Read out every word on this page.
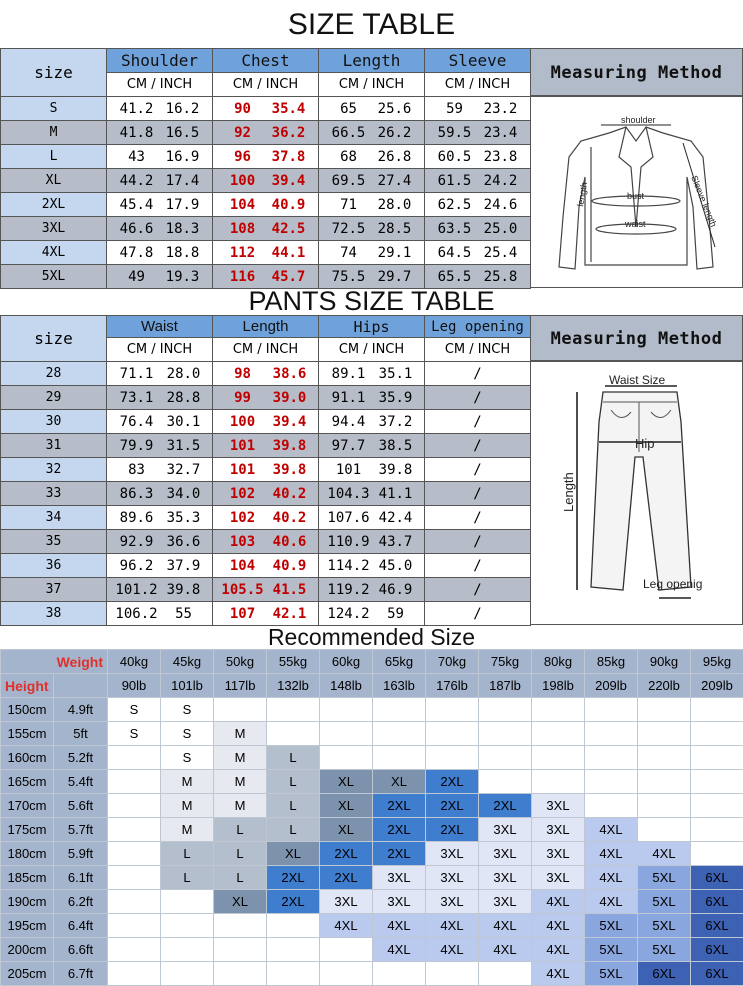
SIZE TABLE
size	Shoulder	Chest	Length	Sleeve
	CM / INCH	CM / INCH	CM / INCH	CM / INCH
S	41.2 16.2	90 35.4	65 25.6	59 23.2
M	41.8 16.5	92 36.2	66.5 26.2	59.5 23.4
L	43 16.9	96 37.8	68 26.8	60.5 23.8
XL	44.2 17.4	100 39.4	69.5 27.4	61.5 24.2
2XL	45.4 17.9	104 40.9	71 28.0	62.5 24.6
3XL	46.6 18.3	108 42.5	72.5 28.5	63.5 25.0
4XL	47.8 18.8	112 44.1	74 29.1	64.5 25.4
5XL	49 19.3	116 45.7	75.5 29.7	65.5 25.8
Measuring Method
shoulder
length	bust
waist	Sleeve length
PANTS SIZE TABLE
size	Waist	Length	Hips	Leg opening
	CM / INCH	CM / INCH	CM / INCH	CM / INCH
28	71.1 28.0	98 38.6	89.1 35.1	/
29	73.1 28.8	99 39.0	91.1 35.9	/
30	76.4 30.1	100 39.4	94.4 37.2	/
31	79.9 31.5	101 39.8	97.7 38.5	/
32	83 32.7	101 39.8	101 39.8	/
33	86.3 34.0	102 40.2	104.3 41.1	/
34	89.6 35.3	102 40.2	107.6 42.4	/
35	92.9 36.6	103 40.6	110.9 43.7	/
36	96.2 37.9	104 40.9	114.2 45.0	/
37	101.2 39.8	105.5 41.5	119.2 46.9	/
38	106.2 55	107 42.1	124.2 59	/
Measuring Method
Waist Size
Hip
Length
Leg openig
Recommended Size
Weight		40kg	45kg	50kg	55kg	60kg	65kg	70kg	75kg	80kg	85kg	90kg	95kg
Height		90lb	101lb	117lb	132lb	148lb	163lb	176lb	187lb	198lb	209lb	220lb	209lb
150cm	4.9ft	S	S										
155cm	5ft	S	S	M									
160cm	5.2ft		S	M	L								
165cm	5.4ft		M	M	L	XL	XL	2XL					
170cm	5.6ft		M	M	L	XL	2XL	2XL	2XL	3XL			
175cm	5.7ft		M	L	L	XL	2XL	2XL	3XL	3XL	4XL		
180cm	5.9ft		L	L	XL	2XL	2XL	3XL	3XL	3XL	4XL	4XL	
185cm	6.1ft		L	L	2XL	2XL	3XL	3XL	3XL	3XL	4XL	5XL	6XL
190cm	6.2ft			XL	2XL	3XL	3XL	3XL	3XL	4XL	4XL	5XL	6XL
195cm	6.4ft					4XL	4XL	4XL	4XL	4XL	5XL	5XL	6XL
200cm	6.6ft						4XL	4XL	4XL	4XL	5XL	5XL	6XL
205cm	6.7ft									4XL	5XL	6XL	6XL
